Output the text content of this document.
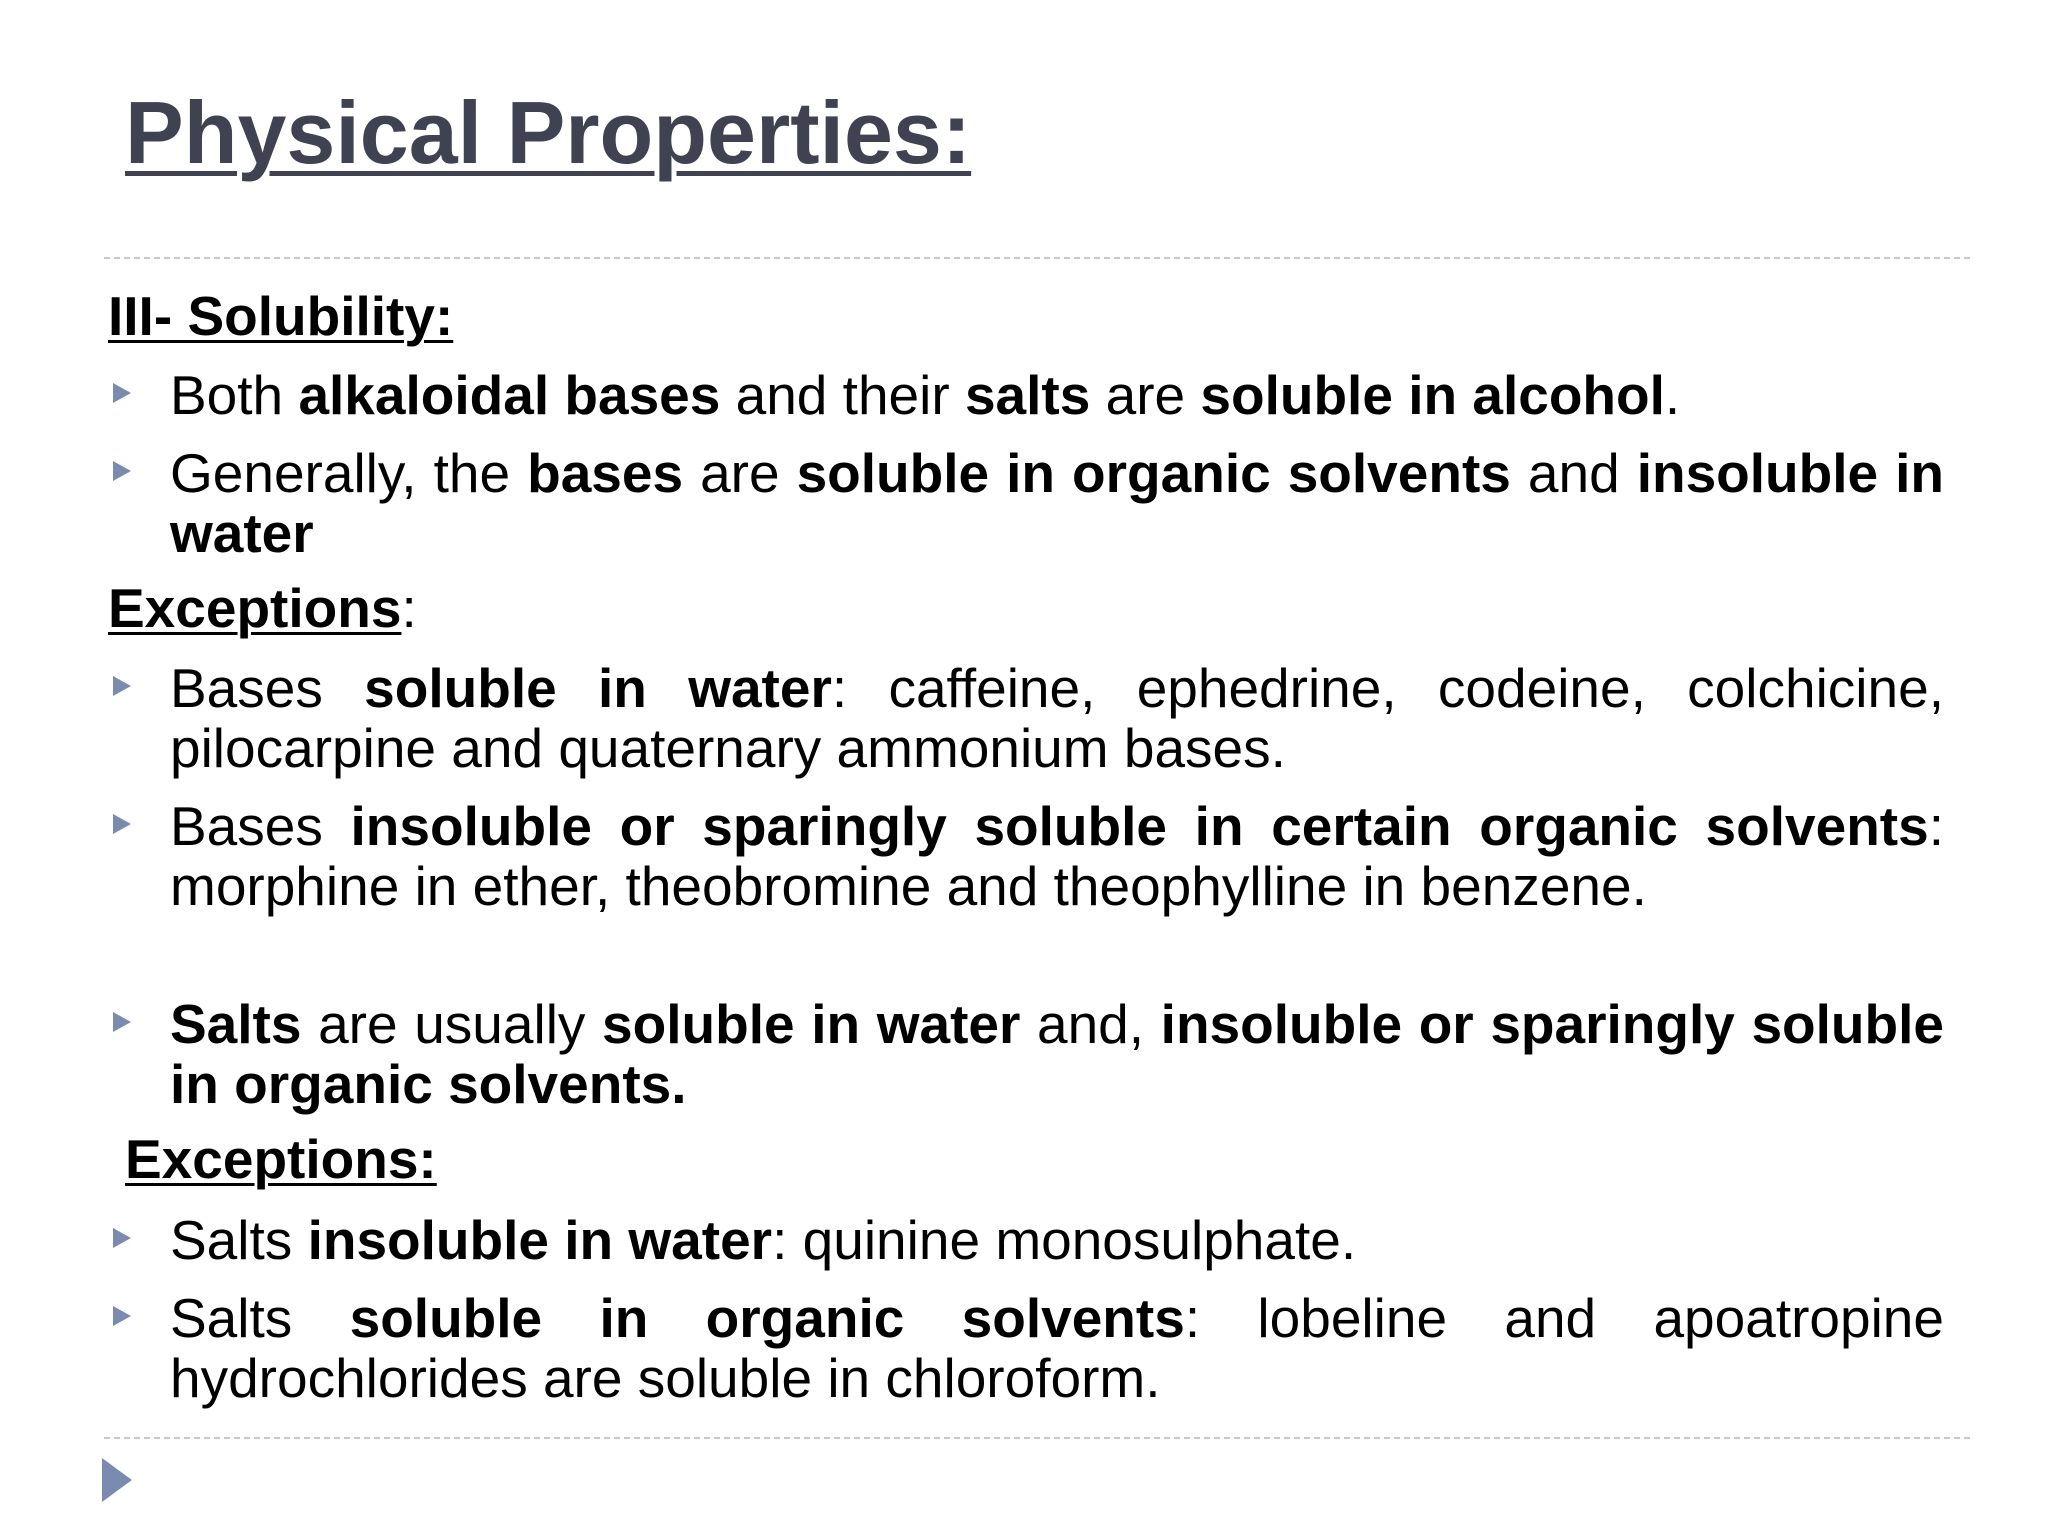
Physical Properties:
III- Solubility:
Both alkaloidal bases and their salts are soluble in alcohol.
Generally, the bases are soluble in organic solvents and insoluble in water
Exceptions:
Bases soluble in water: caffeine, ephedrine, codeine, colchicine, pilocarpine and quaternary ammonium bases.
Bases insoluble or sparingly soluble in certain organic solvents: morphine in ether, theobromine and theophylline in benzene.
Salts are usually soluble in water and, insoluble or sparingly soluble in organic solvents.
Exceptions:
Salts insoluble in water: quinine monosulphate.
Salts soluble in organic solvents: lobeline and apoatropine hydrochlorides are soluble in chloroform.
